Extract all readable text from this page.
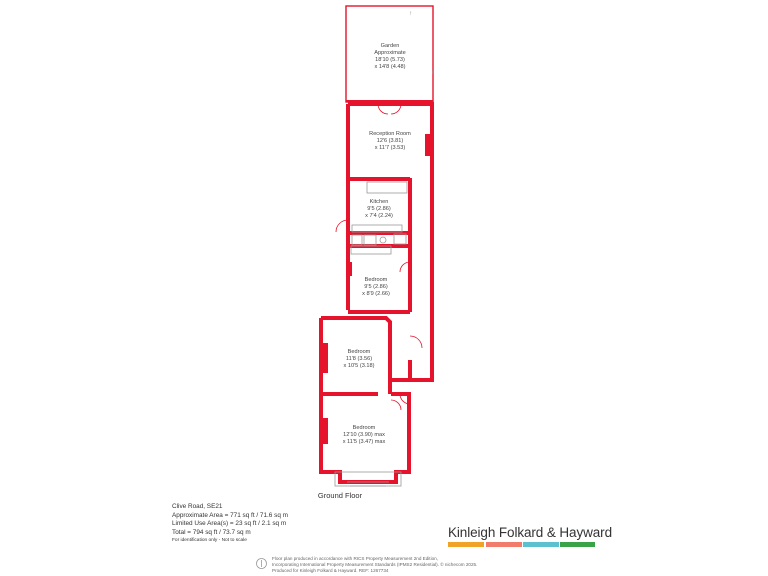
↑
↑
Garden
Approximate
18'10 (5.73)
x 14'8 (4.48)
Reception Room
12'6 (3.81)
x 11'7 (3.53)
Kitchen
9'5 (2.86)
x 7'4 (2.24)
Bedroom
9'5 (2.86)
x 8'9 (2.66)
Bedroom
11'8 (3.56)
x 10'5 (3.18)
Bedroom
12'10 (3.90) max
x 11'5 (3.47) max
Ground Floor
Clive Road, SE21
Approximate Area = 771 sq ft / 71.6 sq m
Limited Use Area(s) = 23 sq ft / 2.1 sq m
Total = 794 sq ft / 73.7 sq m
For identification only - Not to scale
Kinleigh Folkard & Hayward
Floor plan produced in accordance with RICS Property Measurement 2nd Edition,
Incorporating International Property Measurement Standards (IPMS2 Residential). © nichecom 2025.
Produced for Kinleigh Folkard & Hayward. REF: 1267734
